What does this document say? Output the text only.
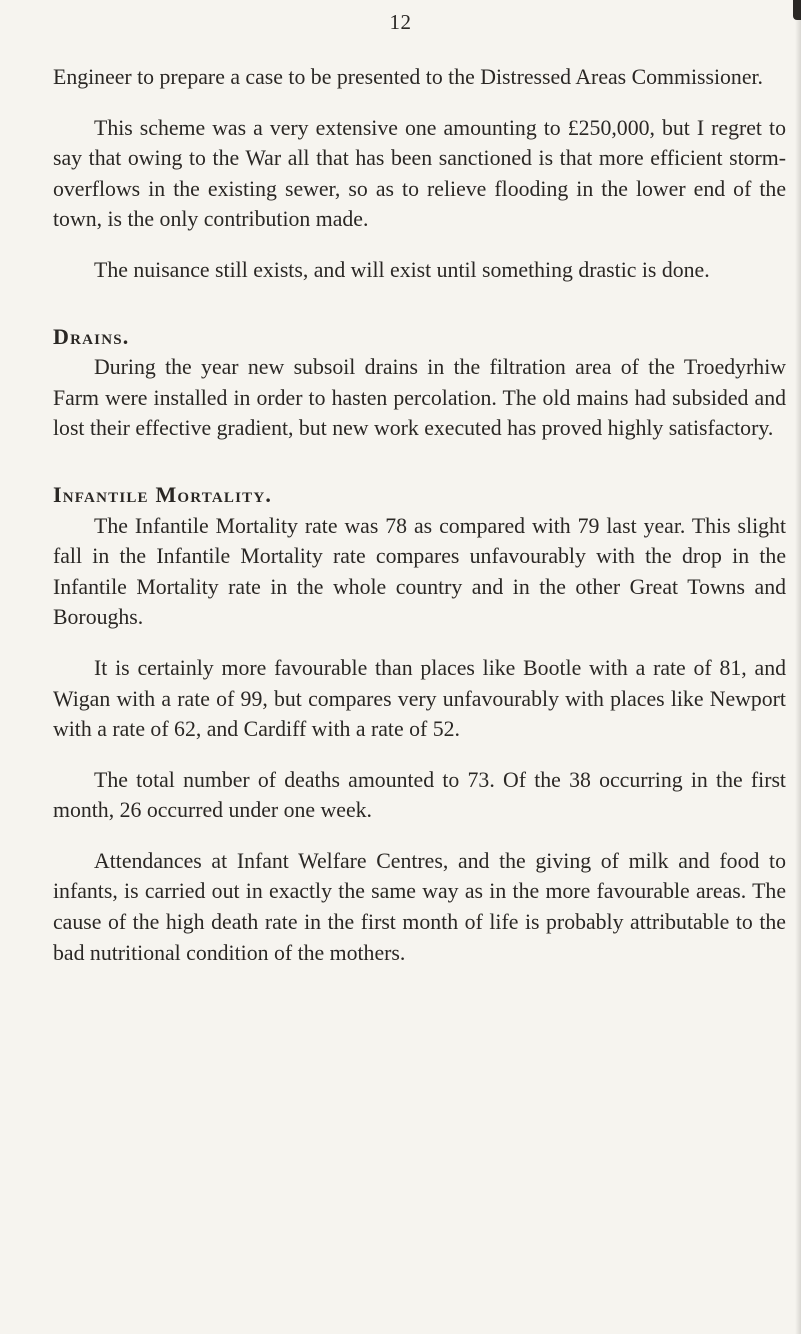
12

Engineer to prepare a case to be presented to the Distressed Areas Commissioner.

This scheme was a very extensive one amounting to £250,000, but I regret to say that owing to the War all that has been sanctioned is that more efficient storm-overflows in the existing sewer, so as to relieve flooding in the lower end of the town, is the only contribution made.

The nuisance still exists, and will exist until something drastic is done.

Drains.

During the year new subsoil drains in the filtration area of the Troedyrhiw Farm were installed in order to hasten percolation. The old mains had subsided and lost their effective gradient, but new work executed has proved highly satisfactory.

Infantile Mortality.

The Infantile Mortality rate was 78 as compared with 79 last year. This slight fall in the Infantile Mortality rate compares unfavourably with the drop in the Infantile Mortality rate in the whole country and in the other Great Towns and Boroughs.

It is certainly more favourable than places like Bootle with a rate of 81, and Wigan with a rate of 99, but compares very unfavourably with places like Newport with a rate of 62, and Cardiff with a rate of 52.

The total number of deaths amounted to 73. Of the 38 occurring in the first month, 26 occurred under one week.

Attendances at Infant Welfare Centres, and the giving of milk and food to infants, is carried out in exactly the same way as in the more favourable areas. The cause of the high death rate in the first month of life is probably attributable to the bad nutritional condition of the mothers.
